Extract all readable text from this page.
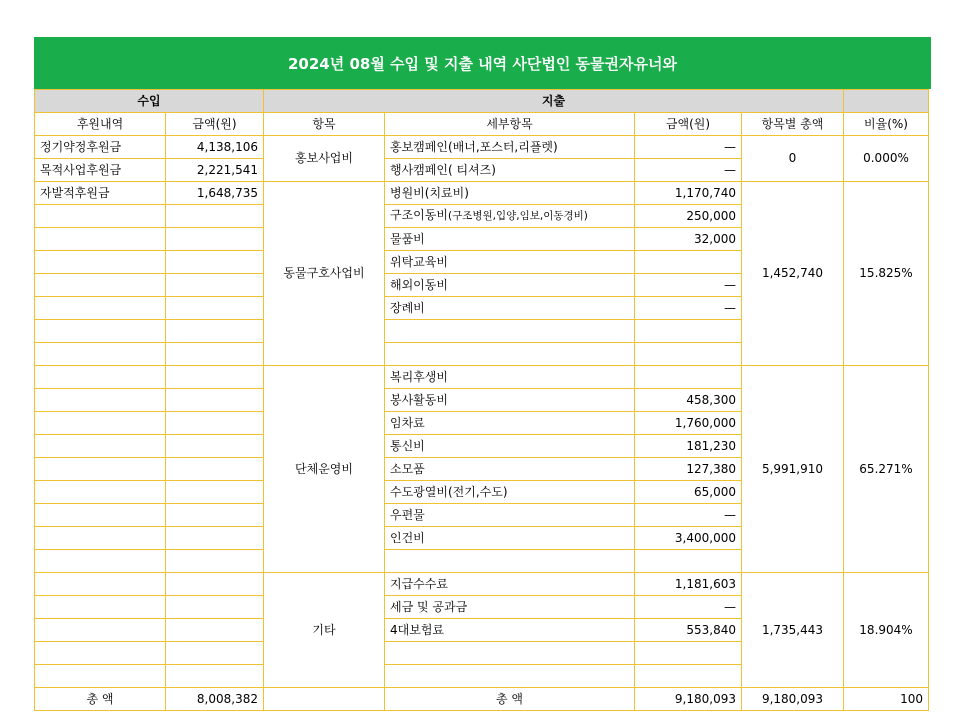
2024년 08월 수입 및 지출 내역 사단법인 동물권자유너와
수입		지출				
후원내역	금액(원)	항목	세부항목	금액(원)	항목별 총액	비율(%)
정기약정후원금	4,138,106	홍보사업비	홍보캠페인(배너,포스터,리플렛)	—	0	0.000%
목적사업후원금	2,221,541		행사캠페인( 티셔즈)	—		
자발적후원금	1,648,735	동물구호사업비	병원비(치료비)	1,170,740	1,452,740	15.825%
			구조이동비(구조병원,입양,임보,이동경비)	250,000		
			물품비	32,000		
			위탁교육비			
			해외이동비	—		
			장례비	—		

		단체운영비	복리후생비		5,991,910	65.271%
			봉사활동비	458,300		
			임차료	1,760,000		
			통신비	181,230		
			소모품	127,380		
			수도광열비(전기,수도)	65,000		
			우편물	—		
			인건비	3,400,000		

		기타	지급수수료	1,181,603	1,735,443	18.904%
			세금 및 공과금	—		
			4대보험료	553,840		

총 액	8,008,382		총 액	9,180,093	9,180,093	100
